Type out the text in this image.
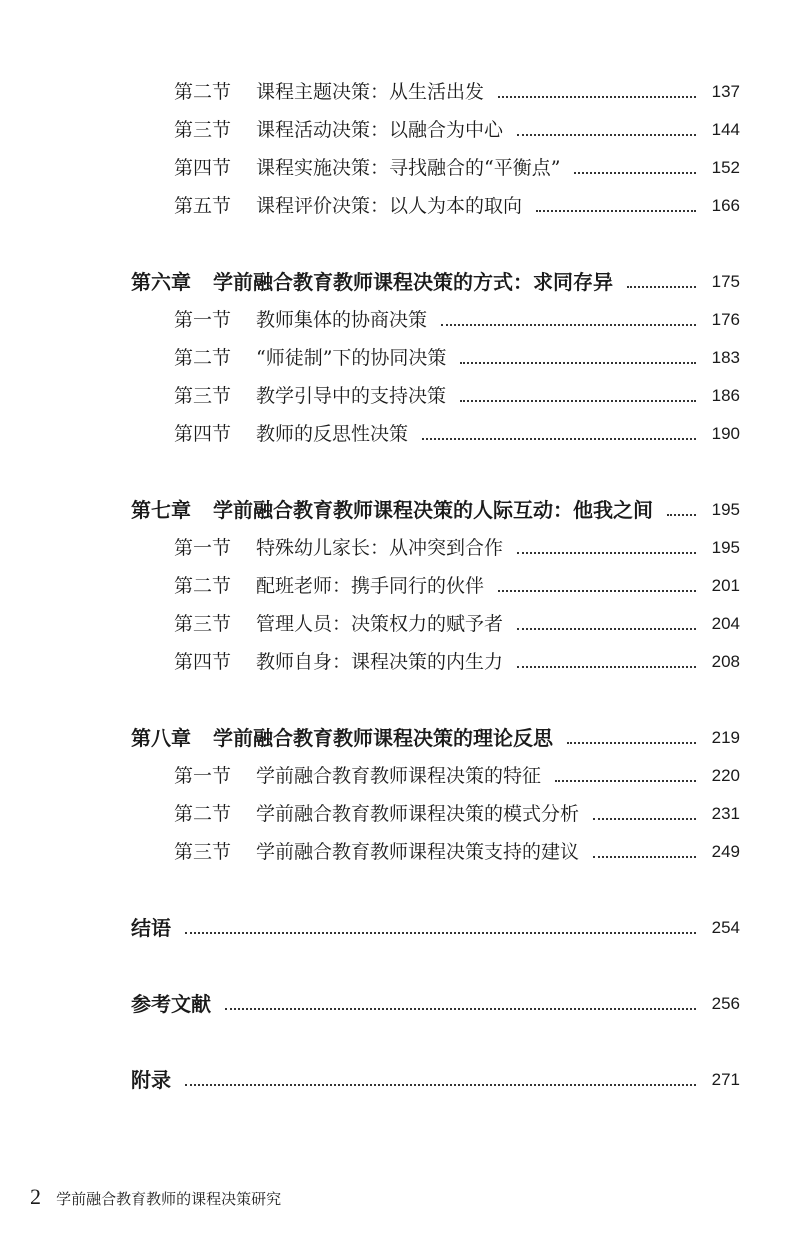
第二节 课程主题决策：从生活出发	137
第三节 课程活动决策：以融合为中心	144
第四节 课程实施决策：寻找融合的“平衡点”	152
第五节 课程评价决策：以人为本的取向	166
第六章 学前融合教育教师课程决策的方式：求同存异	175
第一节 教师集体的协商决策	176
第二节 “师徒制”下的协同决策	183
第三节 教学引导中的支持决策	186
第四节 教师的反思性决策	190
第七章 学前融合教育教师课程决策的人际互动：他我之间	195
第一节 特殊幼儿家长：从冲突到合作	195
第二节 配班老师：携手同行的伙伴	201
第三节 管理人员：决策权力的赋予者	204
第四节 教师自身：课程决策的内生力	208
第八章 学前融合教育教师课程决策的理论反思	219
第一节 学前融合教育教师课程决策的特征	220
第二节 学前融合教育教师课程决策的模式分析	231
第三节 学前融合教育教师课程决策支持的建议	249
结语	254
参考文献	256
附录	271
2 学前融合教育教师的课程决策研究
